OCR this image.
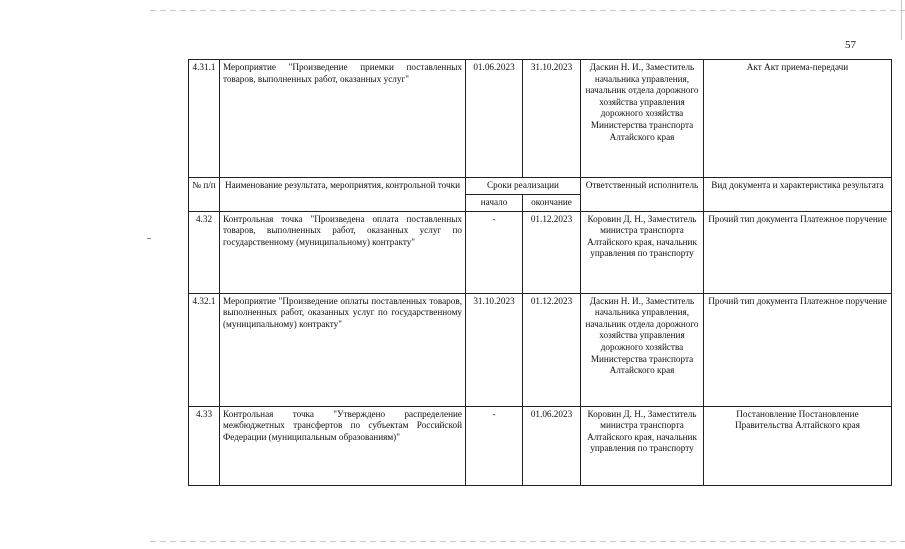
57
4.31.1	Мероприятие "Произведение приемки поставленных товаров, выполненных работ, оказанных услуг"	01.06.2023	31.10.2023	Даскин Н. И., Заместитель начальника управления, начальник отдела дорожного хозяйства управления дорожного хозяйства Министерства транспорта Алтайского края	Акт Акт приема-передачи
№ п/п	Наименование результата, мероприятия, контрольной точки	Сроки реализации		Ответственный исполнитель	Вид документа и характеристика результата
		начало	окончание		
4.32	Контрольная точка "Произведена оплата поставленных товаров, выполненных работ, оказанных услуг по государственному (муниципальному) контракту"	-	01.12.2023	Коровин Д. Н., Заместитель министра транспорта Алтайского края, начальник управления по транспорту	Прочий тип документа Платежное поручение
4.32.1	Мероприятие "Произведение оплаты поставленных товаров, выполненных работ, оказанных услуг по государственному (муниципальному) контракту"	31.10.2023	01.12.2023	Даскин Н. И., Заместитель начальника управления, начальник отдела дорожного хозяйства управления дорожного хозяйства Министерства транспорта Алтайского края	Прочий тип документа Платежное поручение
4.33	Контрольная точка "Утверждено распределение межбюджетных трансфертов по субъектам Российской Федерации (муниципальным образованиям)"	-	01.06.2023	Коровин Д. Н., Заместитель министра транспорта Алтайского края, начальник управления по транспорту	Постановление Постановление Правительства Алтайского края
